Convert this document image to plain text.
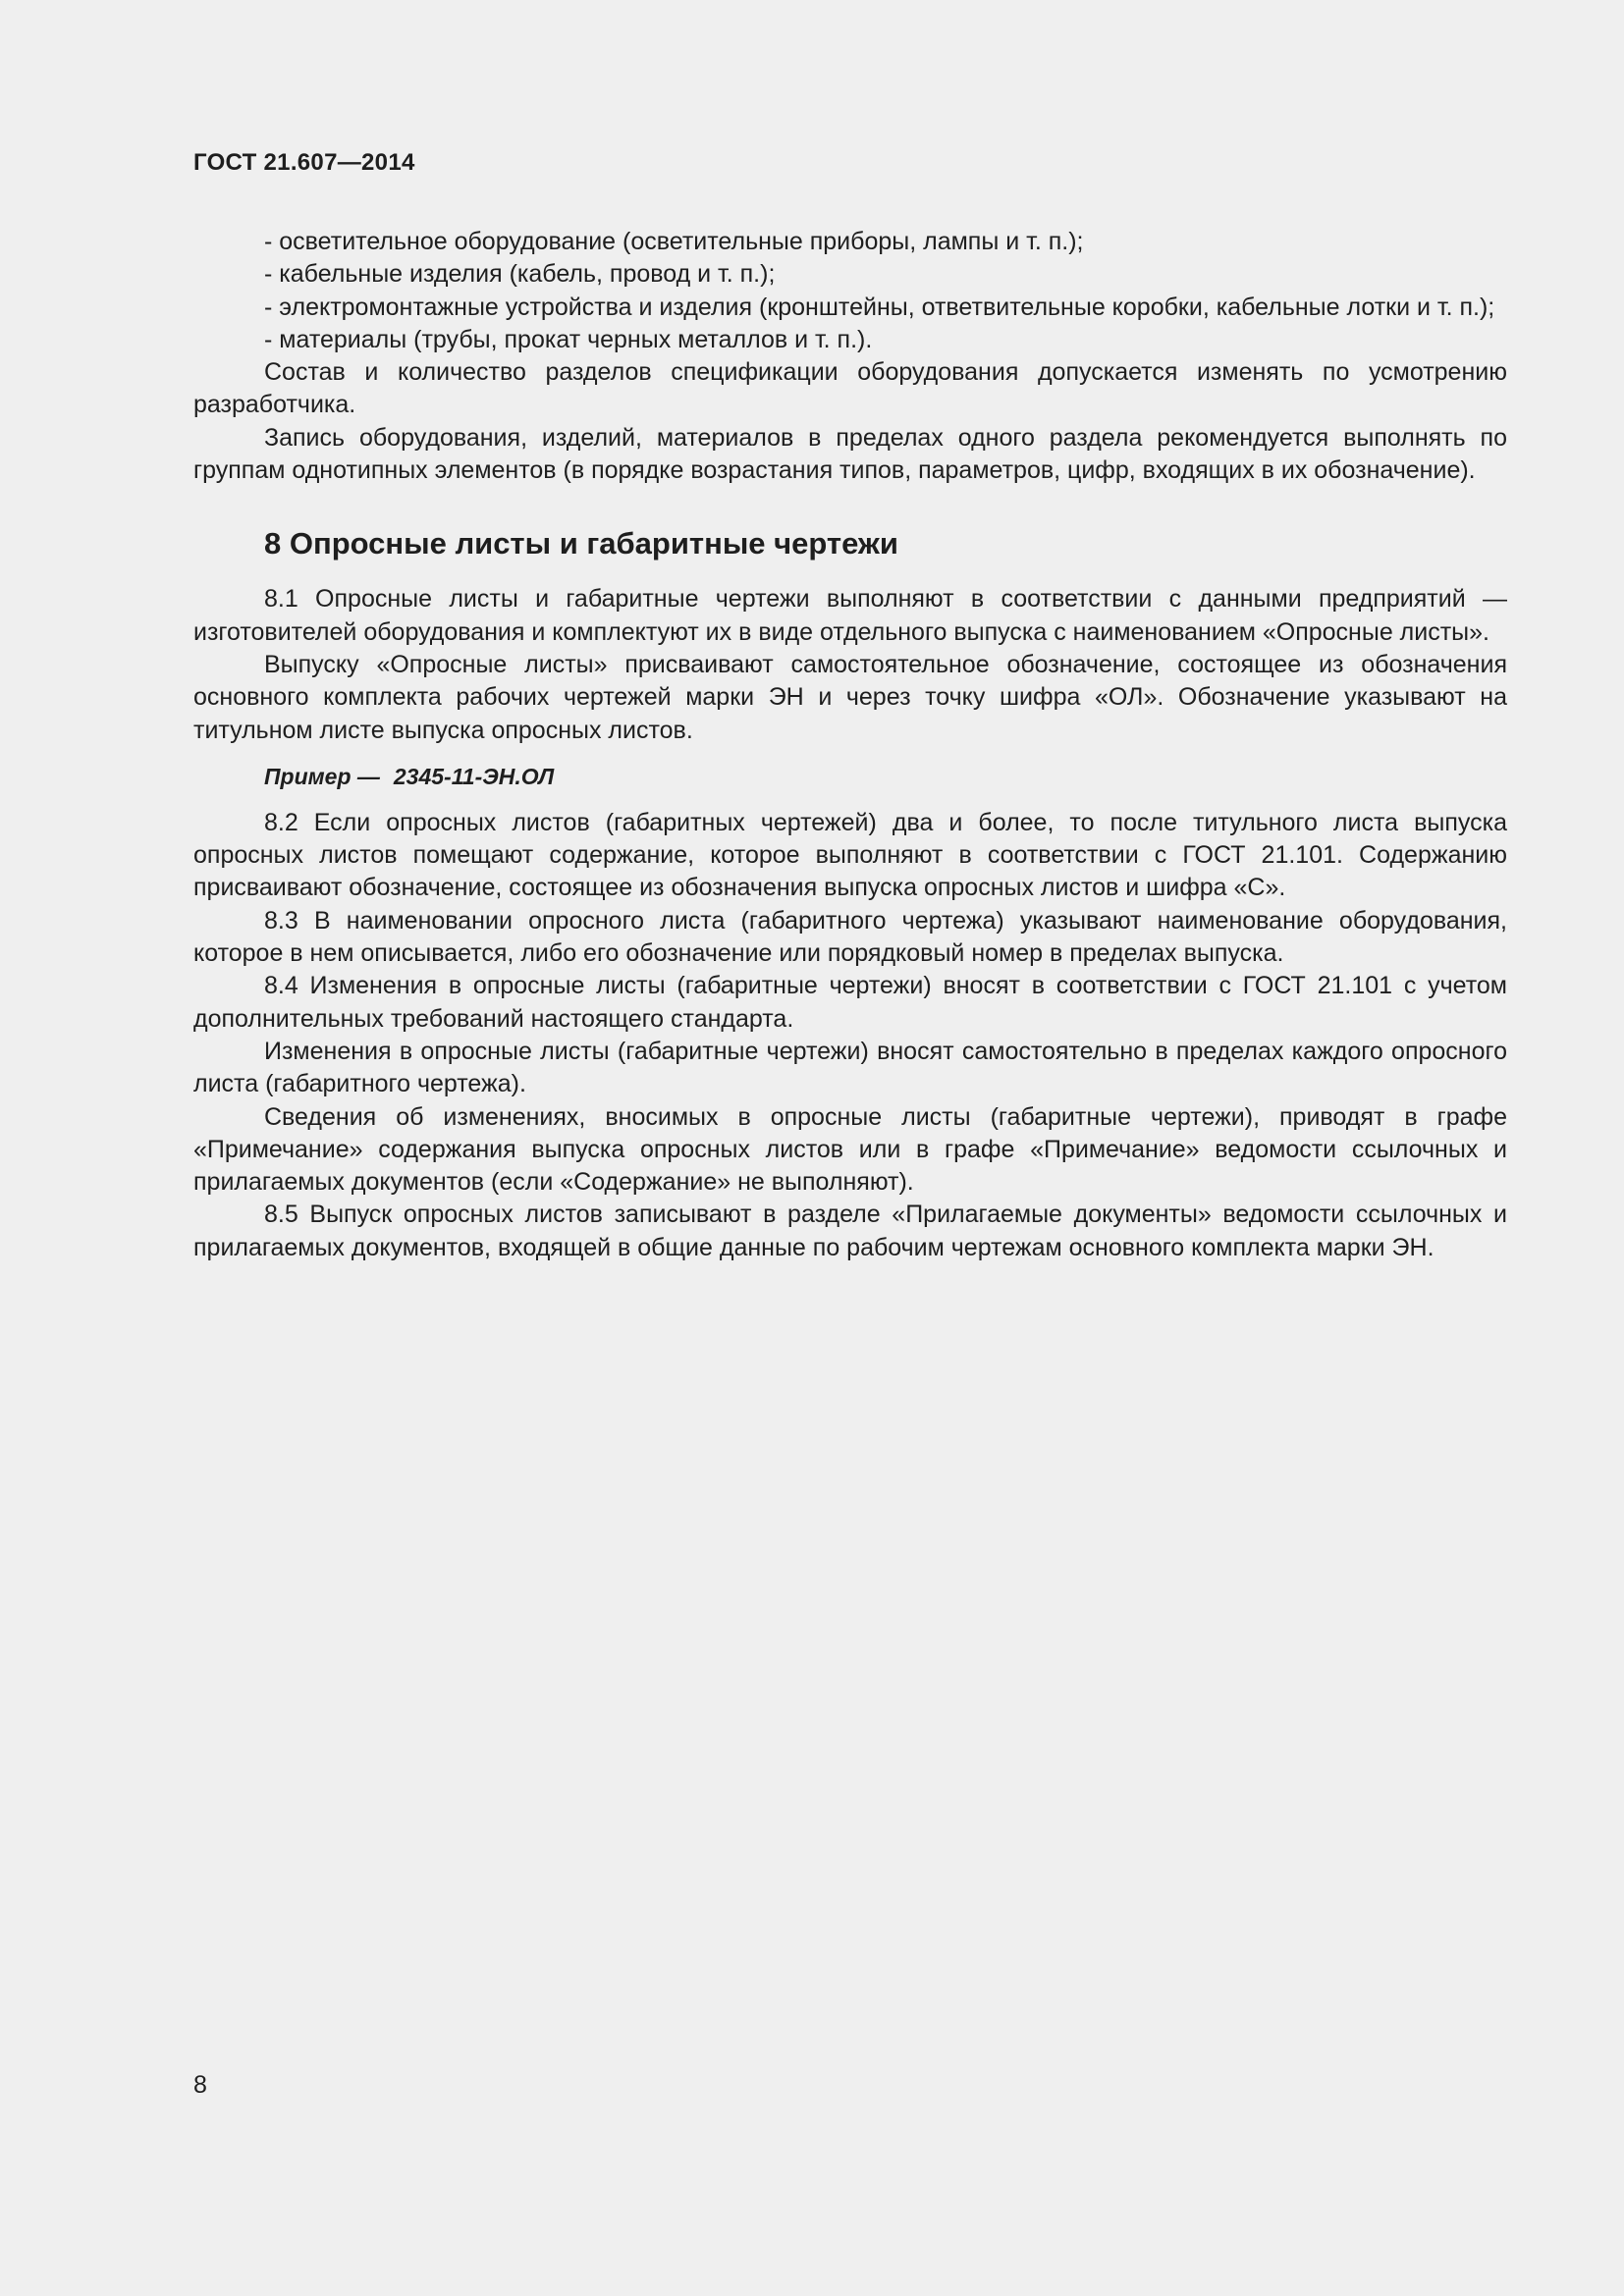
ГОСТ 21.607—2014

- осветительное оборудование (осветительные приборы, лампы и т. п.);

- кабельные изделия (кабель, провод и т. п.);

- электромонтажные устройства и изделия (кронштейны, ответвительные коробки, кабельные лотки и т. п.);

- материалы (трубы, прокат черных металлов и т. п.).

Состав и количество разделов спецификации оборудования допускается изменять по усмотрению разработчика.

Запись оборудования, изделий, материалов в пределах одного раздела рекомендуется выполнять по группам однотипных элементов (в порядке возрастания типов, параметров, цифр, входящих в их обозначение).

8 Опросные листы и габаритные чертежи

8.1 Опросные листы и габаритные чертежи выполняют в соответствии с данными предприятий — изготовителей оборудования и комплектуют их в виде отдельного выпуска с наименованием «Опросные листы».

Выпуску «Опросные листы» присваивают самостоятельное обозначение, состоящее из обозначения основного комплекта рабочих чертежей марки ЭН и через точку шифра «ОЛ». Обозначение указывают на титульном листе выпуска опросных листов.

Пример — 2345-11-ЭН.ОЛ

8.2 Если опросных листов (габаритных чертежей) два и более, то после титульного листа выпуска опросных листов помещают содержание, которое выполняют в соответствии с ГОСТ 21.101. Содержанию присваивают обозначение, состоящее из обозначения выпуска опросных листов и шифра «С».

8.3 В наименовании опросного листа (габаритного чертежа) указывают наименование оборудования, которое в нем описывается, либо его обозначение или порядковый номер в пределах выпуска.

8.4 Изменения в опросные листы (габаритные чертежи) вносят в соответствии с ГОСТ 21.101 с учетом дополнительных требований настоящего стандарта.

Изменения в опросные листы (габаритные чертежи) вносят самостоятельно в пределах каждого опросного листа (габаритного чертежа).

Сведения об изменениях, вносимых в опросные листы (габаритные чертежи), приводят в графе «Примечание» содержания выпуска опросных листов или в графе «Примечание» ведомости ссылочных и прилагаемых документов (если «Содержание» не выполняют).

8.5 Выпуск опросных листов записывают в разделе «Прилагаемые документы» ведомости ссылочных и прилагаемых документов, входящей в общие данные по рабочим чертежам основного комплекта марки ЭН.

8
